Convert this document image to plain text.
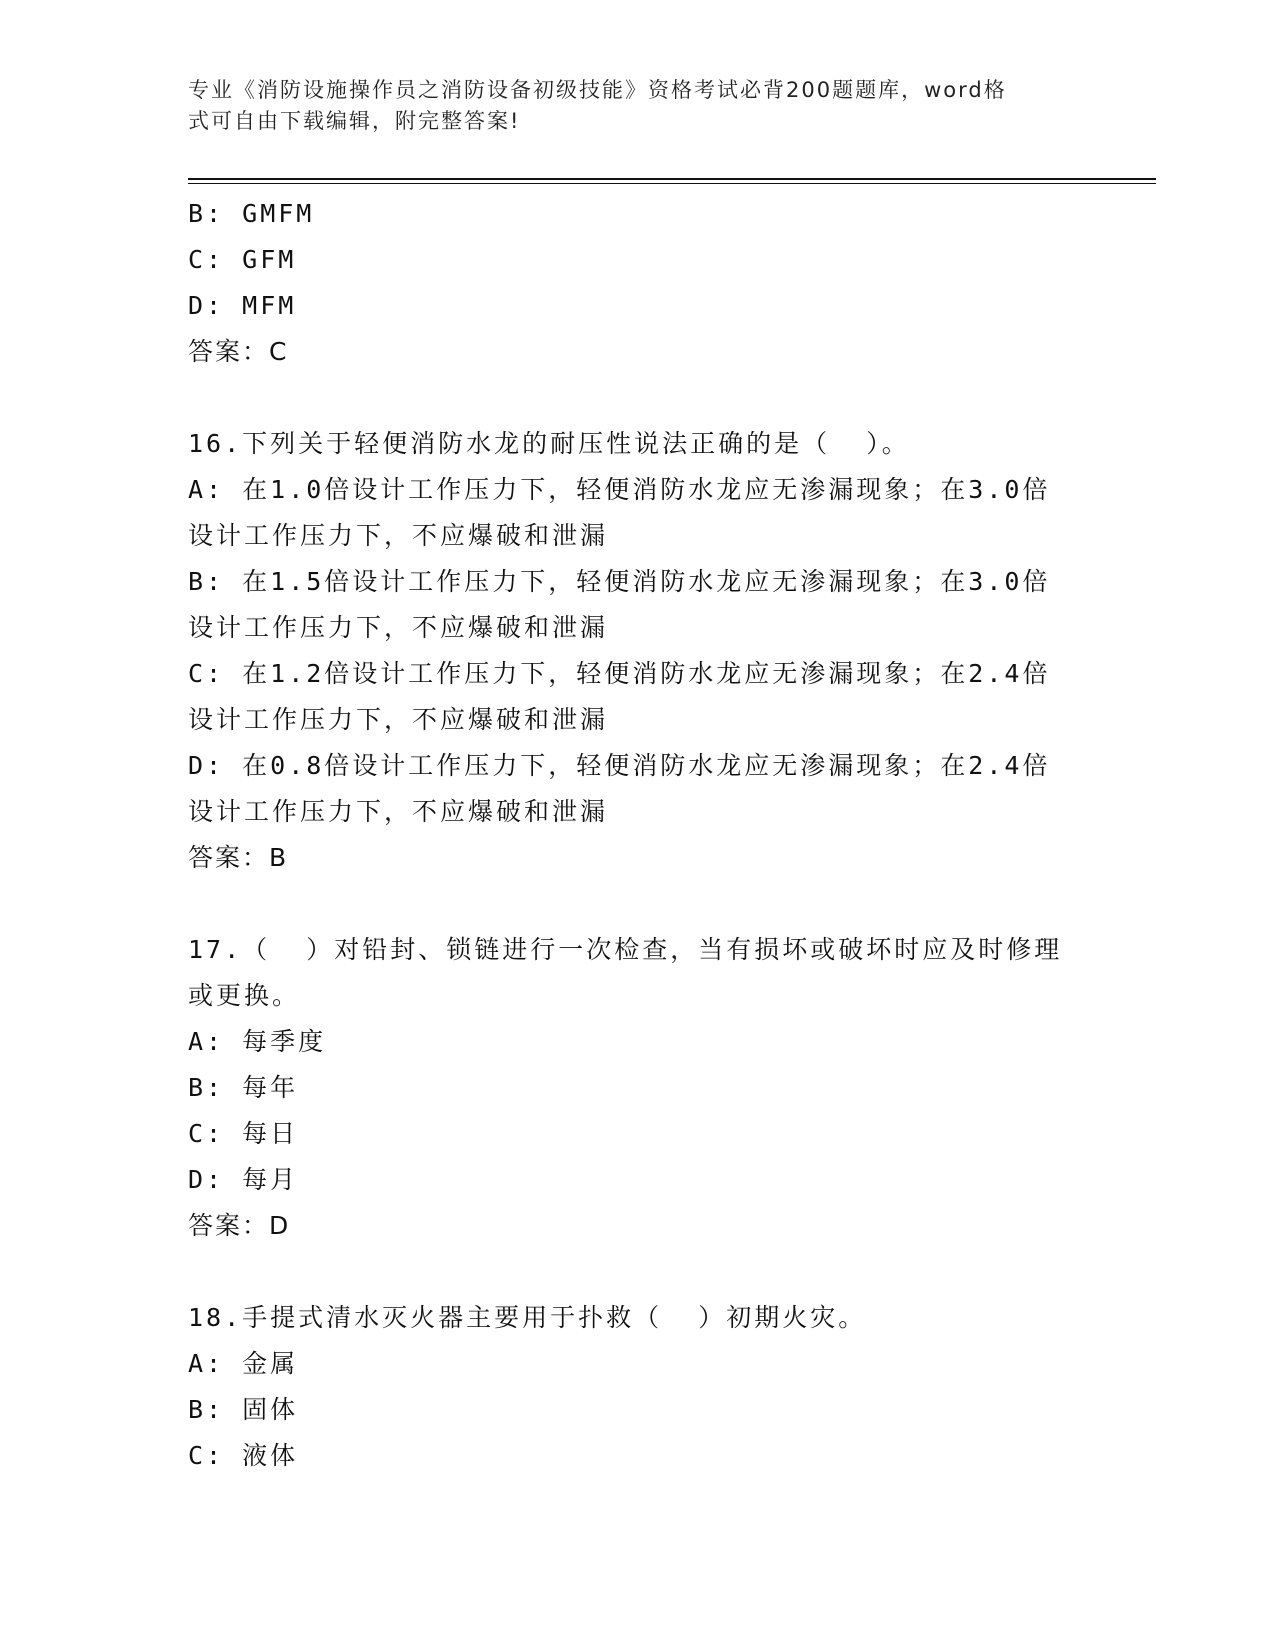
专业《消防设施操作员之消防设备初级技能》资格考试必背200题题库，word格
式可自由下载编辑，附完整答案!
B: GMFM
C: GFM
D: MFM
答案：C
16.下列关于轻便消防水龙的耐压性说法正确的是（  ）。
A: 在1.0倍设计工作压力下，轻便消防水龙应无渗漏现象；在3.0倍
设计工作压力下，不应爆破和泄漏
B: 在1.5倍设计工作压力下，轻便消防水龙应无渗漏现象；在3.0倍
设计工作压力下，不应爆破和泄漏
C: 在1.2倍设计工作压力下，轻便消防水龙应无渗漏现象；在2.4倍
设计工作压力下，不应爆破和泄漏
D: 在0.8倍设计工作压力下，轻便消防水龙应无渗漏现象；在2.4倍
设计工作压力下，不应爆破和泄漏
答案：B
17.（  ）对铅封、锁链进行一次检查，当有损坏或破坏时应及时修理
或更换。
A: 每季度
B: 每年
C: 每日
D: 每月
答案：D
18.手提式清水灭火器主要用于扑救（  ）初期火灾。
A: 金属
B: 固体
C: 液体
